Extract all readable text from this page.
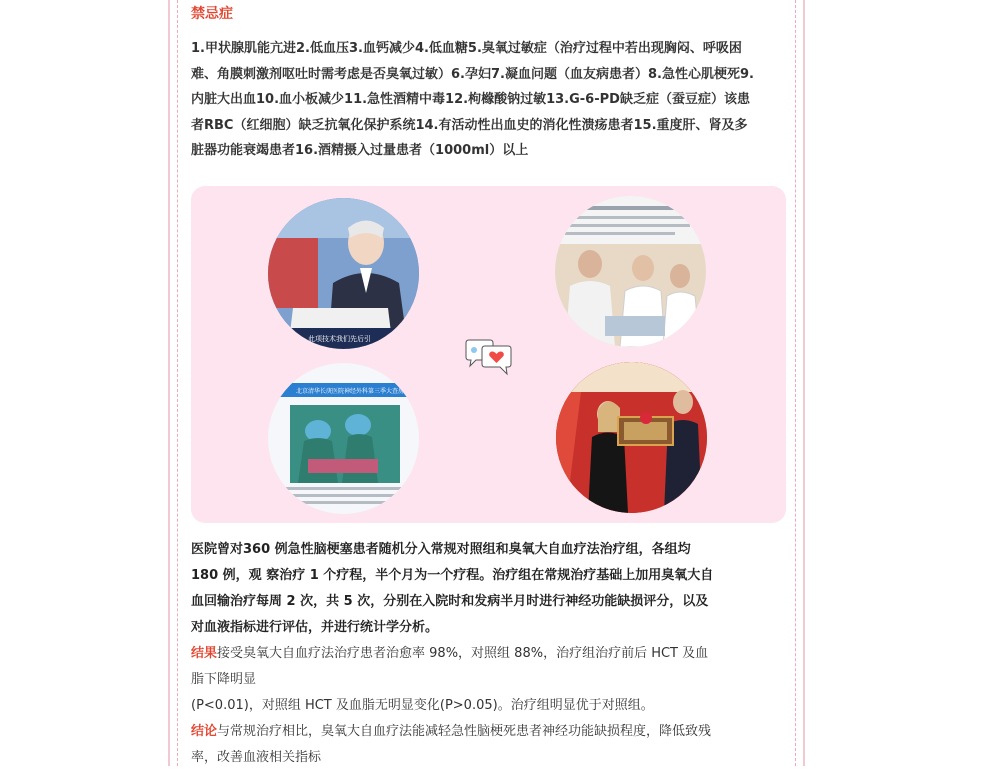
禁忌症
1.甲状腺肌能亢进2.低血压3.血钙减少4.低血糖5.臭氧过敏症（治疗过程中若出现胸闷、呼吸困
难、角膜刺激剂呕吐时需考虑是否臭氧过敏）6.孕妇7.凝血问题（血友病患者）8.急性心肌梗死9.
内脏大出血10.血小板减少11.急性酒精中毒12.枸橼酸钠过敏13.G-6-PD缺乏症（蚕豆症）该患
者RBC（红细胞）缺乏抗氧化保护系统14.有活动性出血史的消化性溃疡患者15.重度肝、肾及多
脏器功能衰竭患者16.酒精摄入过量患者（1000ml）以上
此项技术我们先后引
北京清华长庚医院神经外科第三季大查房
医院曾对360 例急性脑梗塞患者随机分入常规对照组和臭氧大自血疗法治疗组，各组均
180 例，观 察治疗 1 个疗程，半个月为一个疗程。治疗组在常规治疗基础上加用臭氧大自
血回输治疗每周 2 次，共 5 次，分别在入院时和发病半月时进行神经功能缺损评分，以及
对血液指标进行评估，并进行统计学分析。
结果接受臭氧大自血疗法治疗患者治愈率 98%，对照组 88%，治疗组治疗前后 HCT 及血
脂下降明显
(P<0.01)，对照组 HCT 及血脂无明显变化(P>0.05)。治疗组明显优于对照组。
结论与常规治疗相比，臭氧大自血疗法能减轻急性脑梗死患者神经功能缺损程度，降低致残
率，改善血液相关指标
